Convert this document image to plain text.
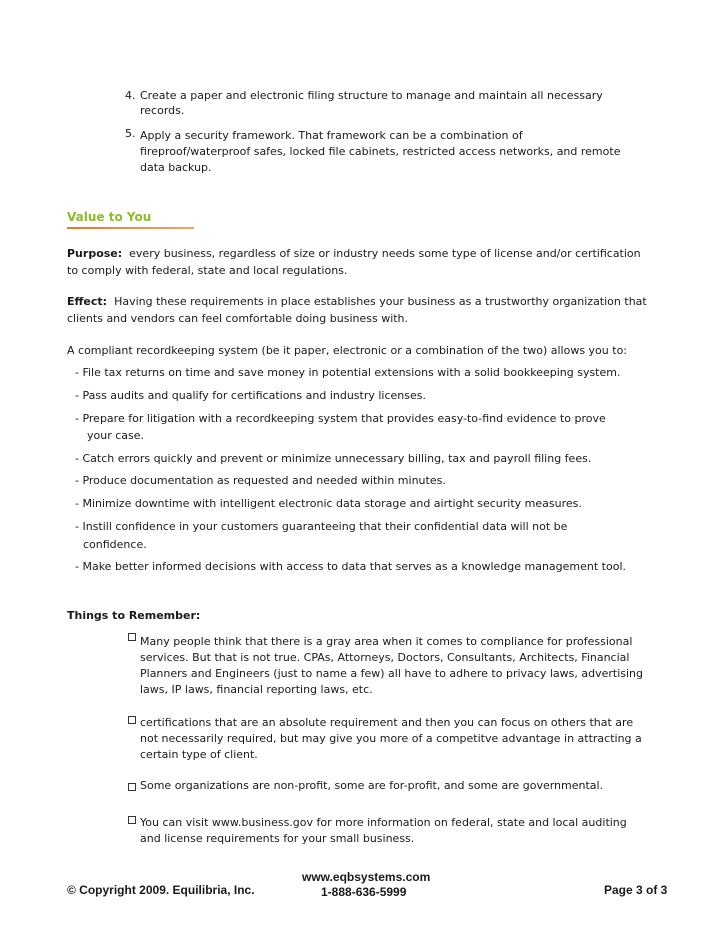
4. Create a paper and electronic filing structure to manage and maintain all necessary
records.
5. Apply a security framework. That framework can be a combination of
fireproof/waterproof safes, locked file cabinets, restricted access networks, and remote
data backup.
Value to You
Purpose: every business, regardless of size or industry needs some type of license and/or certification
to comply with federal, state and local regulations.
Effect: Having these requirements in place establishes your business as a trustworthy organization that
clients and vendors can feel comfortable doing business with.
A compliant recordkeeping system (be it paper, electronic or a combination of the two) allows you to:
- File tax returns on time and save money in potential extensions with a solid bookkeeping system.
- Pass audits and qualify for certifications and industry licenses.
- Prepare for litigation with a recordkeeping system that provides easy-to-find evidence to prove
your case.
- Catch errors quickly and prevent or minimize unnecessary billing, tax and payroll filing fees.
- Produce documentation as requested and needed within minutes.
- Minimize downtime with intelligent electronic data storage and airtight security measures.
- Instill confidence in your customers guaranteeing that their confidential data will not be
confidence.
- Make better informed decisions with access to data that serves as a knowledge management tool.
Things to Remember:
Many people think that there is a gray area when it comes to compliance for professional
services. But that is not true. CPAs, Attorneys, Doctors, Consultants, Architects, Financial
Planners and Engineers (just to name a few) all have to adhere to privacy laws, advertising
laws, IP laws, financial reporting laws, etc.
certifications that are an absolute requirement and then you can focus on others that are
not necessarily required, but may give you more of a competitve advantage in attracting a
certain type of client.
Some organizations are non-profit, some are for-profit, and some are governmental.
You can visit www.business.gov for more information on federal, state and local auditing
and license requirements for your small business.
www.eqbsystems.com
© Copyright 2009. Equilibria, Inc.	1-888-636-5999	Page 3 of 3
